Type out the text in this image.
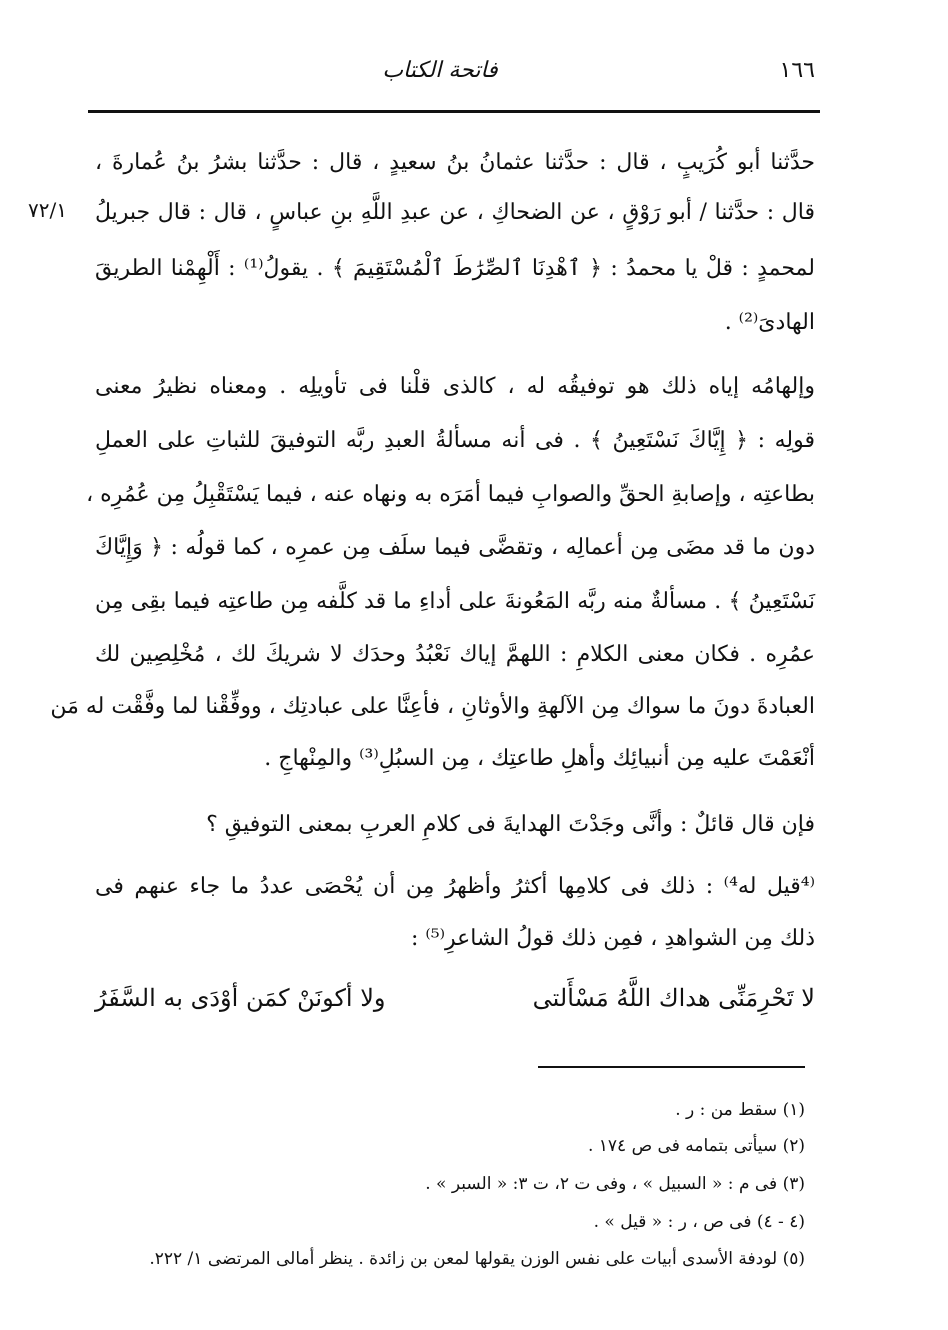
١٦٦
فاتحة الكتاب
٧٢/١
حدَّثنا أبو كُرَيبٍ ، قال : حدَّثنا عثمانُ بنُ سعيدٍ ، قال : حدَّثنا بشرُ بنُ عُمارةَ ،
قال : حدَّثنا / أبو رَوْقٍ ، عن الضحاكِ ، عن عبدِ اللَّهِ بنِ عباسٍ ، قال : قال جبريلُ
لمحمدٍ : قلْ يا محمدُ : ﴿ ٱهْدِنَا ٱلصِّرَٰطَ ٱلْمُسْتَقِيمَ ﴾ . يقولُ⁽¹⁾ : أَلْهِمْنا الطريقَ
الهادىَ⁽²⁾ .
وإلهامُه إياه ذلك هو توفيقُه له ، كالذى قلْنا فى تأويلِه . ومعناه نظيرُ معنى
قولِه : ﴿ إِيَّاكَ نَسْتَعِينُ ﴾ . فى أنه مسألةُ العبدِ ربَّه التوفيقَ للثباتِ على العملِ
بطاعتِه ، وإصابةِ الحقِّ والصوابِ فيما أمَرَه به ونهاه عنه ، فيما يَسْتَقْبِلُ مِن عُمُرِه ،
دون ما قد مضَى مِن أعمالِه ، وتقضَّى فيما سلَف مِن عمرِه ، كما قولُه : ﴿ وَإِيَّاكَ
نَسْتَعِينُ ﴾ . مسألةٌ منه ربَّه المَعُونةَ على أداءِ ما قد كلَّفه مِن طاعتِه فيما بقِى مِن
عمُرِه . فكان معنى الكلامِ : اللهمَّ إياك نَعْبُدُ وحدَك لا شريكَ لك ، مُخْلِصِين لك
العبادةَ دونَ ما سواك مِن الآلهةِ والأوثانِ ، فأعِنَّا على عبادتِك ، ووفِّقْنا لما وفَّقْت له مَن
أنْعَمْتَ عليه مِن أنبيائِك وأهلِ طاعتِك ، مِن السبُلِ⁽³⁾ والمِنْهاجِ .
فإن قال قائلٌ : وأنَّى وجَدْتَ الهدايةَ فى كلامِ العربِ بمعنى التوفيقِ ؟
⁽⁴قيل له⁴⁾ : ذلك فى كلامِها أكثرُ وأظهرُ مِن أن يُحْصَى عددُ ما جاء عنهم فى
ذلك مِن الشواهدِ ، فمِن ذلك قولُ الشاعرِ⁽⁵⁾ :
لا تَحْرِمَنِّى هداك اللَّهُ مَسْأَلتى
ولا أكونَنْ كمَن أوْدَى به السَّفَرُ
(١) سقط من : ر .
(٢) سيأتى بتمامه فى ص ١٧٤ .
(٣) فى م : « السبيل » ، وفى ت ٢، ت ٣: « السبر » .
(٤ - ٤) فى ص ، ر : « قيل » .
(٥) لودفة الأسدى أبيات على نفس الوزن يقولها لمعن بن زائدة . ينظر أمالى المرتضى ١/ ٢٢٢.
